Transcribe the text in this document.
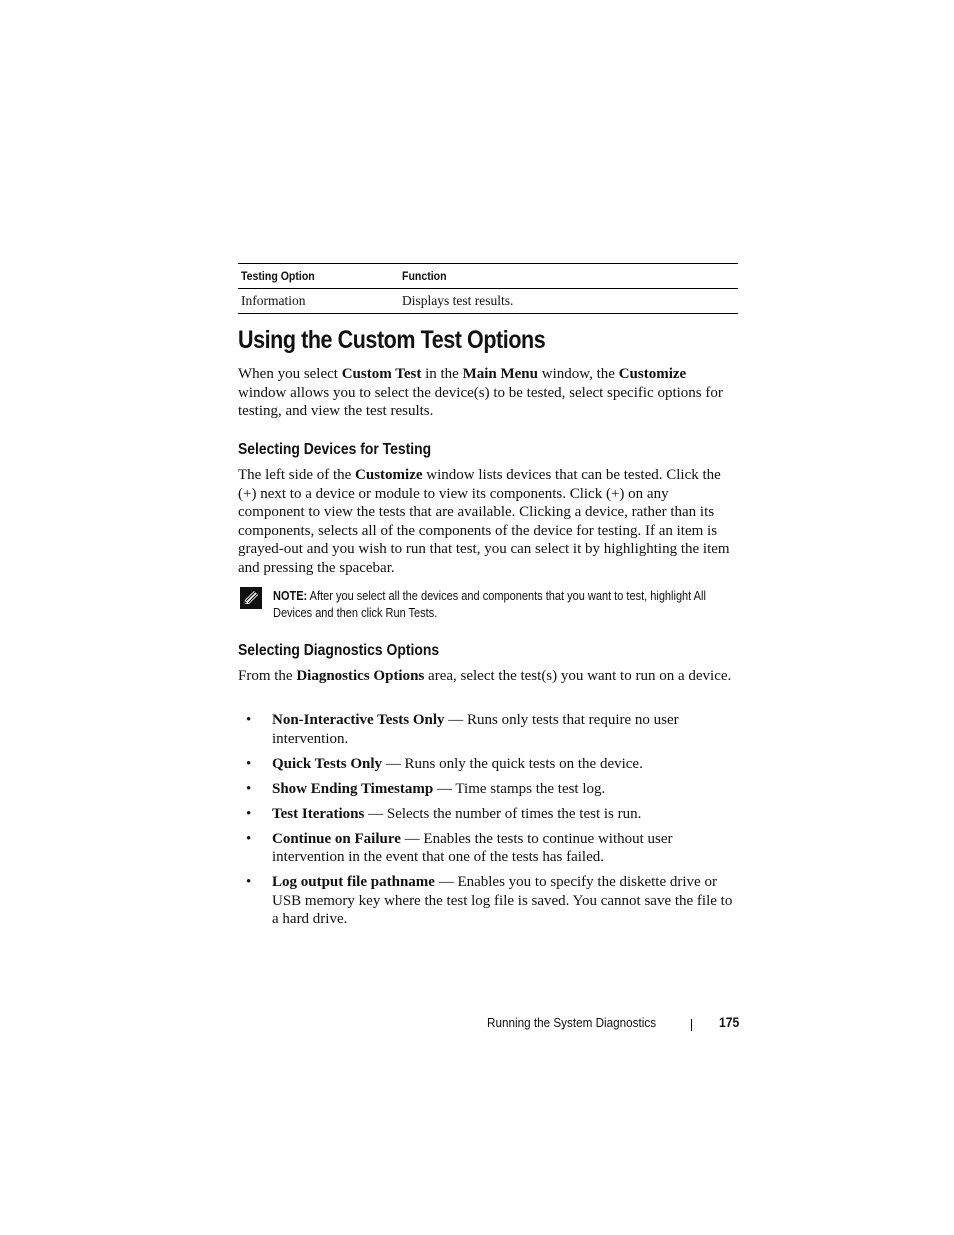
Testing Option	Function
Information	Displays test results.
Using the Custom Test Options

When you select Custom Test in the Main Menu window, the Customize window allows you to select the device(s) to be tested, select specific options for testing, and view the test results.

Selecting Devices for Testing

The left side of the Customize window lists devices that can be tested. Click the (+) next to a device or module to view its components. Click (+) on any component to view the tests that are available. Clicking a device, rather than its components, selects all of the components of the device for testing. If an item is grayed-out and you wish to run that test, you can select it by highlighting the item and pressing the spacebar.

NOTE: After you select all the devices and components that you want to test, highlight All Devices and then click Run Tests.
Selecting Diagnostics Options

From the Diagnostics Options area, select the test(s) you want to run on a device.

• Non-Interactive Tests Only — Runs only tests that require no user intervention.
• Quick Tests Only — Runs only the quick tests on the device.
• Show Ending Timestamp — Time stamps the test log.
• Test Iterations — Selects the number of times the test is run.
• Continue on Failure — Enables the tests to continue without user intervention in the event that one of the tests has failed.
• Log output file pathname — Enables you to specify the diskette drive or USB memory key where the test log file is saved. You cannot save the file to a hard drive.
Running the System Diagnostics	175
